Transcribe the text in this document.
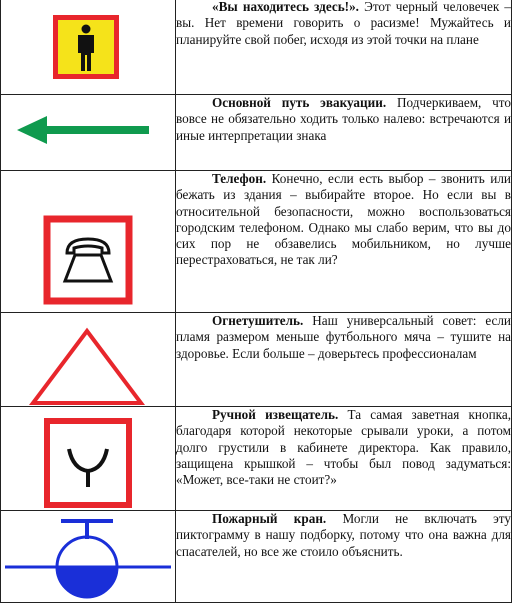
«Вы находитесь здесь!». Этот черный человечек – вы. Нет времени говорить о расизме! Мужайтесь и планируйте свой побег, исходя из этой точки на плане

Основной путь эвакуации. Подчеркиваем, что вовсе не обязательно ходить только налево: встречаются и иные интерпретации знака

Телефон. Конечно, если есть выбор – звонить или бежать из здания – выбирайте второе. Но если вы в относительной безопасности, можно воспользоваться городским телефоном. Однако мы слабо верим, что вы до сих пор не обзавелись мобильником, но лучше перестраховаться, не так ли?

Огнетушитель. Наш универсальный совет: если пламя размером меньше футбольного мяча – тушите на здоровье. Если больше – доверьтесь профессионалам

Ручной извещатель. Та самая заветная кнопка, благодаря которой некоторые срывали уроки, а потом долго грустили в кабинете директора. Как правило, защищена крышкой – чтобы был повод задуматься: «Может, все-таки не стоит?»

Пожарный кран. Могли не включать эту пиктограмму в нашу подборку, потому что она важна для спасателей, но все же стоило объяснить.
